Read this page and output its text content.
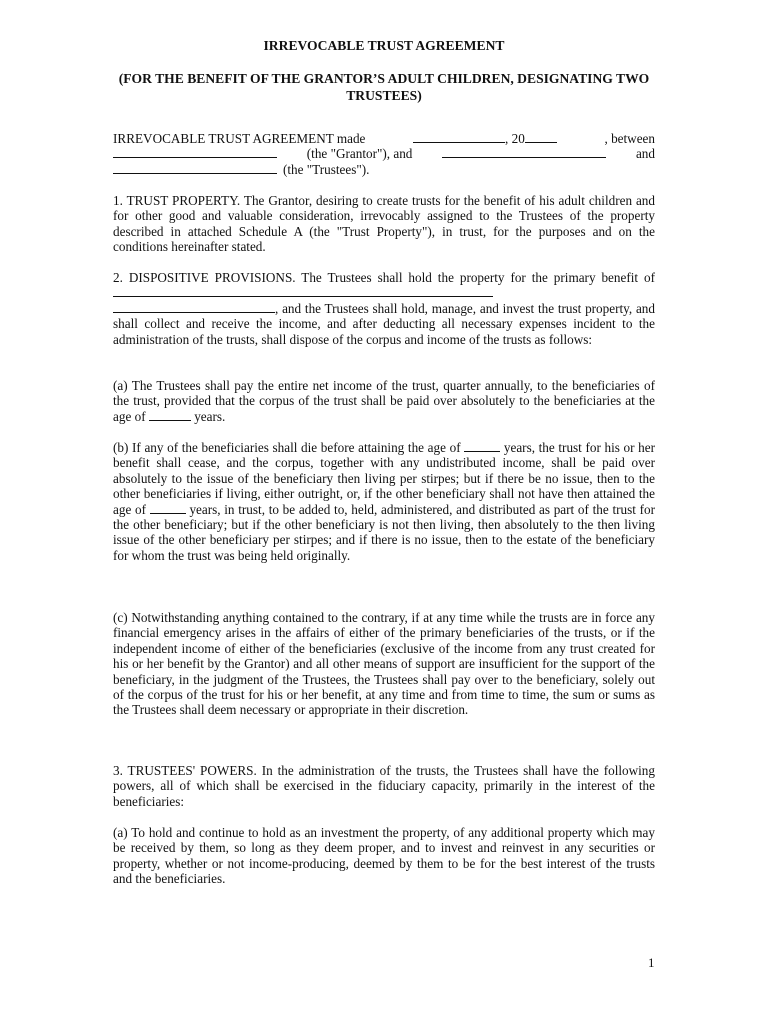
IRREVOCABLE TRUST AGREEMENT
(FOR THE BENEFIT OF THE GRANTOR’S ADULT CHILDREN, DESIGNATING TWO TRUSTEES)
IRREVOCABLE TRUST AGREEMENT made	, 20	, between
(the "Grantor"), and	and
(the "Trustees").
1. TRUST PROPERTY. The Grantor, desiring to create trusts for the benefit of his adult children and for other good and valuable consideration, irrevocably assigned to the Trustees of the property described in attached Schedule A (the "Trust Property"), in trust, for the purposes and on the conditions hereinafter stated.
2. DISPOSITIVE PROVISIONS. The Trustees shall hold the property for the primary benefit of  , and the Trustees shall hold, manage, and invest the trust property, and shall collect and receive the income, and after deducting all necessary expenses incident to the administration of the trusts, shall dispose of the corpus and income of the trusts as follows:
(a) The Trustees shall pay the entire net income of the trust, quarter annually, to the beneficiaries of the trust, provided that the corpus of the trust shall be paid over absolutely to the beneficiaries at the age of	years.
(b) If any of the beneficiaries shall die before attaining the age of	years, the trust for his or her benefit shall cease, and the corpus, together with any undistributed income, shall be paid over absolutely to the issue of the beneficiary then living per stirpes; but if there be no issue, then to the other beneficiaries if living, either outright, or, if the other beneficiary shall not have then attained the age of	years, in trust, to be added to, held, administered, and distributed as part of the trust for the other beneficiary; but if the other beneficiary is not then living, then absolutely to the then living issue of the other beneficiary per stirpes; and if there is no issue, then to the estate of the beneficiary for whom the trust was being held originally.
(c) Notwithstanding anything contained to the contrary, if at any time while the trusts are in force any financial emergency arises in the affairs of either of the primary beneficiaries of the trusts, or if the independent income of either of the beneficiaries (exclusive of the income from any trust created for his or her benefit by the Grantor) and all other means of support are insufficient for the support of the beneficiary, in the judgment of the Trustees, the Trustees shall pay over to the beneficiary, solely out of the corpus of the trust for his or her benefit, at any time and from time to time, the sum or sums as the Trustees shall deem necessary or appropriate in their discretion.
3. TRUSTEES' POWERS. In the administration of the trusts, the Trustees shall have the following powers, all of which shall be exercised in the fiduciary capacity, primarily in the interest of the beneficiaries:
(a) To hold and continue to hold as an investment the property, of any additional property which may be received by them, so long as they deem proper, and to invest and reinvest in any securities or property, whether or not income-producing, deemed by them to be for the best interest of the trusts and the beneficiaries.
1
